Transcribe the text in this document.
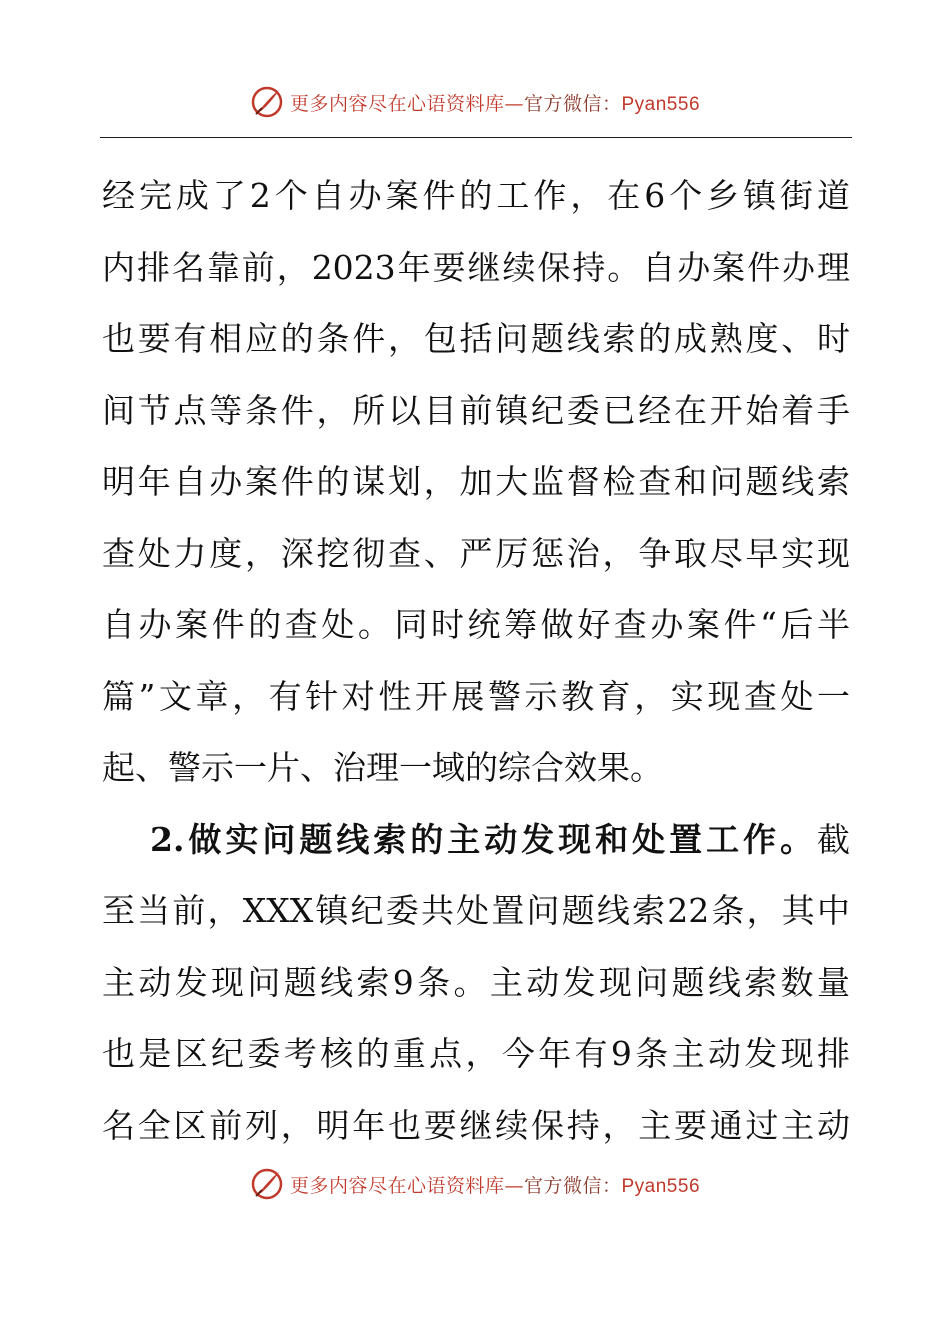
更多内容尽在心语资料库—官方微信：Pyan556
经完成了2个自办案件的工作，在6个乡镇街道
内排名靠前，2023年要继续保持。自办案件办理
也要有相应的条件，包括问题线索的成熟度、时
间节点等条件，所以目前镇纪委已经在开始着手
明年自办案件的谋划，加大监督检查和问题线索
查处力度，深挖彻查、严厉惩治，争取尽早实现
自办案件的查处。同时统筹做好查办案件“后半
篇”文章，有针对性开展警示教育，实现查处一
起、警示一片、治理一域的综合效果。
2.做实问题线索的主动发现和处置工作。截
至当前，XXX镇纪委共处置问题线索22条，其中
主动发现问题线索9条。主动发现问题线索数量
也是区纪委考核的重点，今年有9条主动发现排
名全区前列，明年也要继续保持，主要通过主动
更多内容尽在心语资料库—官方微信：Pyan556
